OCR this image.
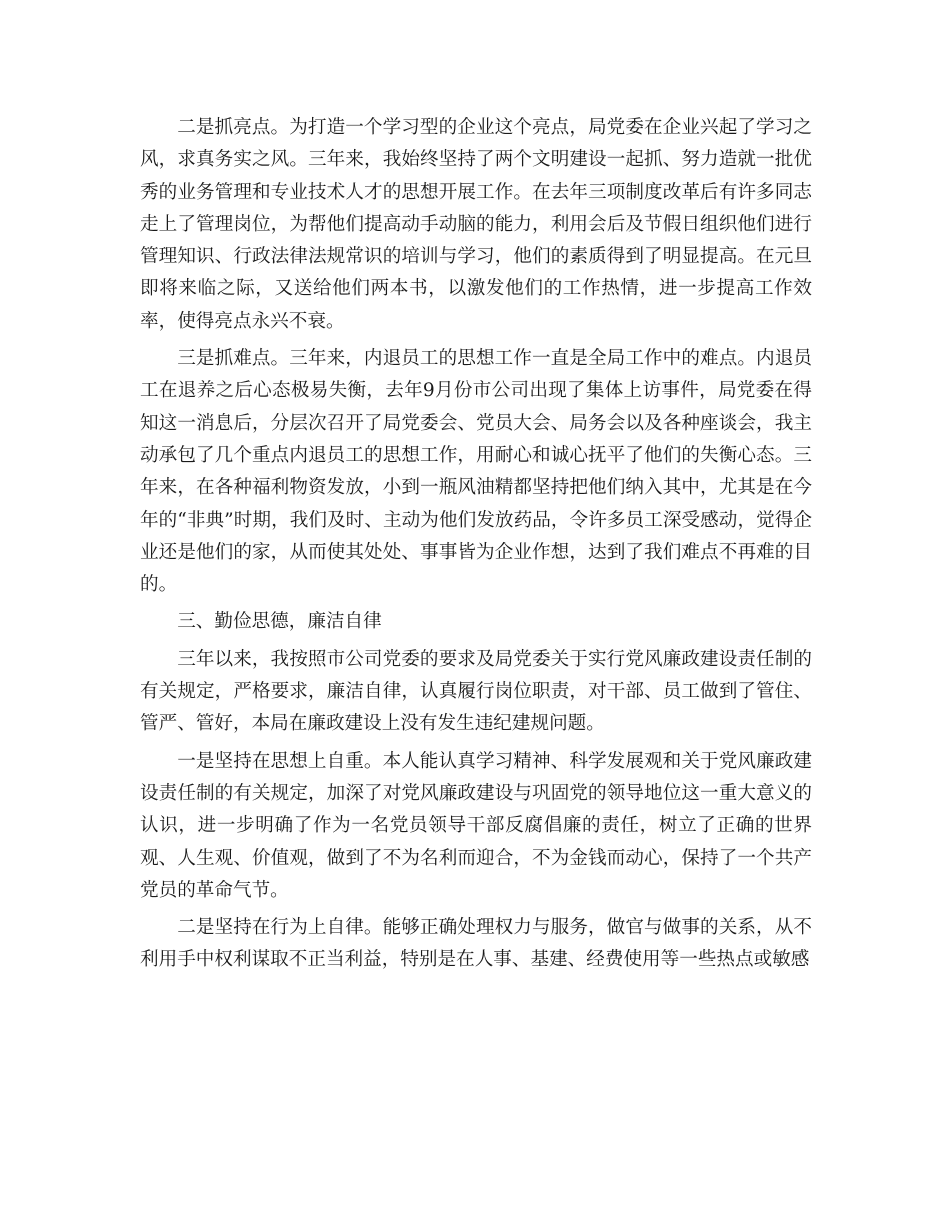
二是抓亮点。为打造一个学习型的企业这个亮点，局党委在企业兴起了学习之风，求真务实之风。三年来，我始终坚持了两个文明建设一起抓、努力造就一批优秀的业务管理和专业技术人才的思想开展工作。在去年三项制度改革后有许多同志走上了管理岗位，为帮他们提高动手动脑的能力，利用会后及节假日组织他们进行管理知识、行政法律法规常识的培训与学习，他们的素质得到了明显提高。在元旦即将来临之际，又送给他们两本书，以激发他们的工作热情，进一步提高工作效率，使得亮点永兴不衰。

三是抓难点。三年来，内退员工的思想工作一直是全局工作中的难点。内退员工在退养之后心态极易失衡，去年9月份市公司出现了集体上访事件，局党委在得知这一消息后，分层次召开了局党委会、党员大会、局务会以及各种座谈会，我主动承包了几个重点内退员工的思想工作，用耐心和诚心抚平了他们的失衡心态。三年来，在各种福利物资发放，小到一瓶风油精都坚持把他们纳入其中，尤其是在今年的“非典”时期，我们及时、主动为他们发放药品，令许多员工深受感动，觉得企业还是他们的家，从而使其处处、事事皆为企业作想，达到了我们难点不再难的目的。

三、勤俭思德，廉洁自律

三年以来，我按照市公司党委的要求及局党委关于实行党风廉政建设责任制的有关规定，严格要求，廉洁自律，认真履行岗位职责，对干部、员工做到了管住、管严、管好，本局在廉政建设上没有发生违纪建规问题。

一是坚持在思想上自重。本人能认真学习精神、科学发展观和关于党风廉政建设责任制的有关规定，加深了对党风廉政建设与巩固党的领导地位这一重大意义的认识，进一步明确了作为一名党员领导干部反腐倡廉的责任，树立了正确的世界观、人生观、价值观，做到了不为名利而迎合，不为金钱而动心，保持了一个共产党员的革命气节。

二是坚持在行为上自律。能够正确处理权力与服务，做官与做事的关系，从不利用手中权利谋取不正当利益，特别是在人事、基建、经费使用等一些热点或敏感
